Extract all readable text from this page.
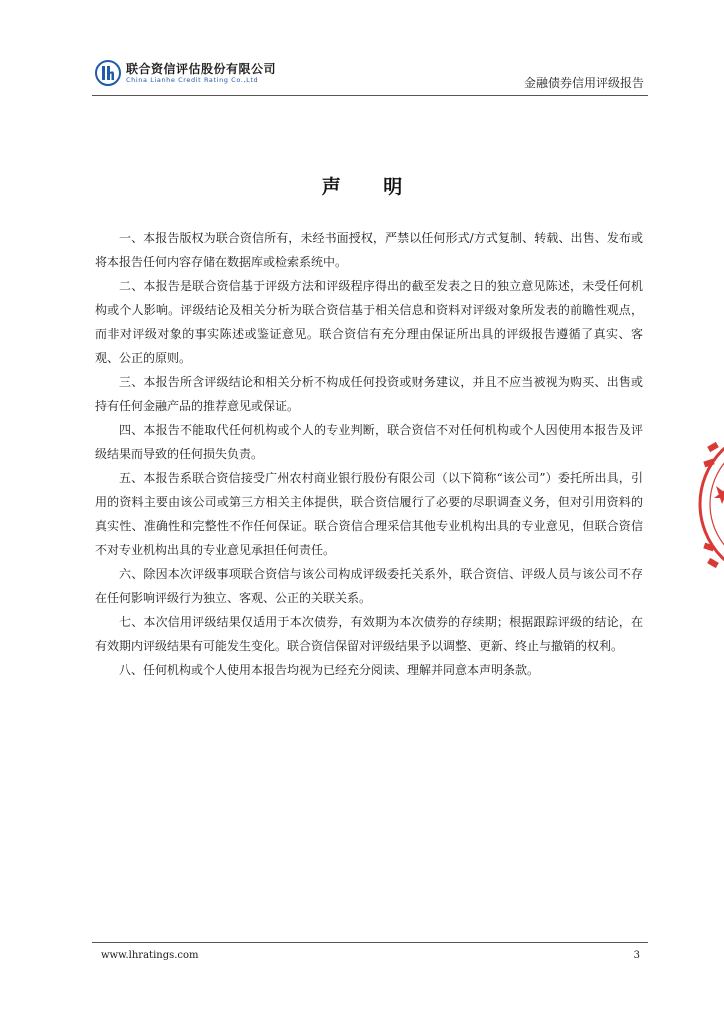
联合资信评估股份有限公司
China Lianhe Credit Rating Co.,Ltd	金融债券信用评级报告
声 明

一、本报告版权为联合资信所有，未经书面授权，严禁以任何形式/方式复制、转载、出售、发布或将本报告任何内容存储在数据库或检索系统中。

二、本报告是联合资信基于评级方法和评级程序得出的截至发表之日的独立意见陈述，未受任何机构或个人影响。评级结论及相关分析为联合资信基于相关信息和资料对评级对象所发表的前瞻性观点，而非对评级对象的事实陈述或鉴证意见。联合资信有充分理由保证所出具的评级报告遵循了真实、客观、公正的原则。

三、本报告所含评级结论和相关分析不构成任何投资或财务建议，并且不应当被视为购买、出售或持有任何金融产品的推荐意见或保证。

四、本报告不能取代任何机构或个人的专业判断，联合资信不对任何机构或个人因使用本报告及评级结果而导致的任何损失负责。

五、本报告系联合资信接受广州农村商业银行股份有限公司（以下简称“该公司”）委托所出具，引用的资料主要由该公司或第三方相关主体提供，联合资信履行了必要的尽职调查义务，但对引用资料的真实性、准确性和完整性不作任何保证。联合资信合理采信其他专业机构出具的专业意见，但联合资信不对专业机构出具的专业意见承担任何责任。

六、除因本次评级事项联合资信与该公司构成评级委托关系外，联合资信、评级人员与该公司不存在任何影响评级行为独立、客观、公正的关联关系。

七、本次信用评级结果仅适用于本次债券，有效期为本次债券的存续期；根据跟踪评级的结论，在有效期内评级结果有可能发生变化。联合资信保留对评级结果予以调整、更新、终止与撤销的权利。

八、任何机构或个人使用本报告均视为已经充分阅读、理解并同意本声明条款。

www.lhratings.com	3
